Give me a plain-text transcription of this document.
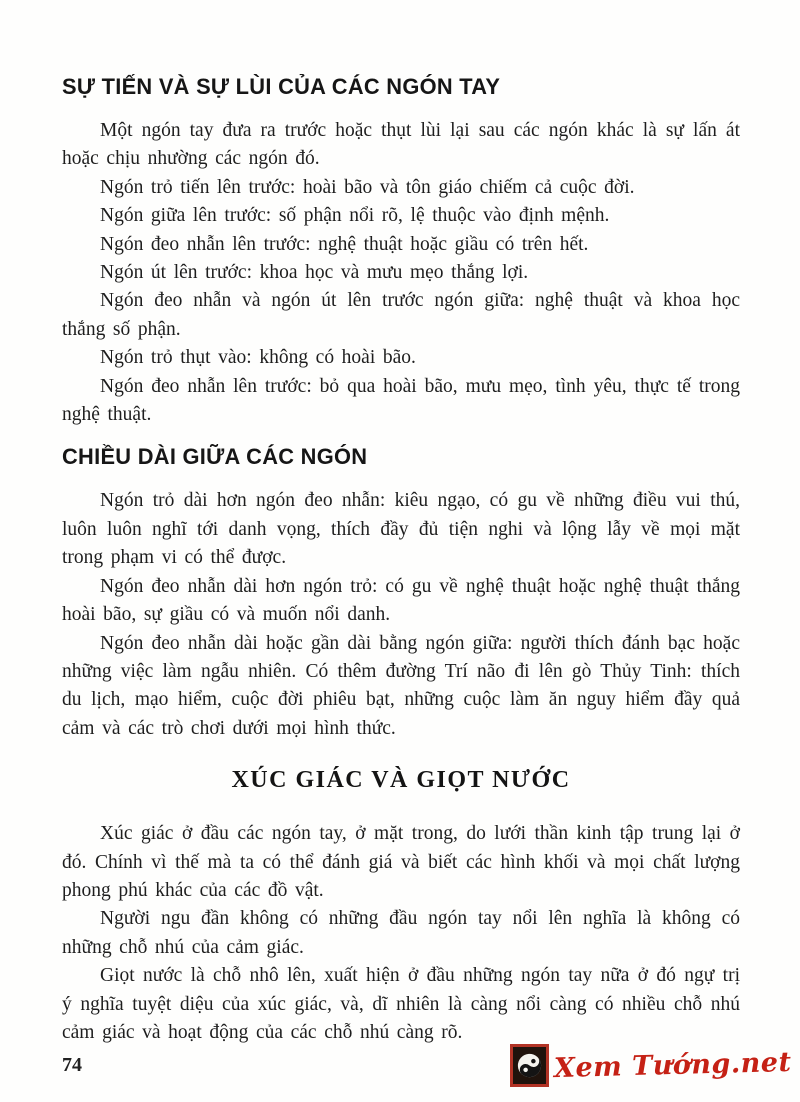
SỰ TIẾN VÀ SỰ LÙI CỦA CÁC NGÓN TAY

Một ngón tay đưa ra trước hoặc thụt lùi lại sau các ngón khác là sự lấn át hoặc chịu nhường các ngón đó.

Ngón trỏ tiến lên trước: hoài bão và tôn giáo chiếm cả cuộc đời.

Ngón giữa lên trước: số phận nổi rõ, lệ thuộc vào định mệnh.

Ngón đeo nhẫn lên trước: nghệ thuật hoặc giầu có trên hết.

Ngón út lên trước: khoa học và mưu mẹo thắng lợi.

Ngón đeo nhẫn và ngón út lên trước ngón giữa: nghệ thuật và khoa học thắng số phận.

Ngón trỏ thụt vào: không có hoài bão.

Ngón đeo nhẫn lên trước: bỏ qua hoài bão, mưu mẹo, tình yêu, thực tế trong nghệ thuật.

CHIỀU DÀI GIỮA CÁC NGÓN

Ngón trỏ dài hơn ngón đeo nhẫn: kiêu ngạo, có gu về những điều vui thú, luôn luôn nghĩ tới danh vọng, thích đầy đủ tiện nghi và lộng lẫy về mọi mặt trong phạm vi có thể được.

Ngón đeo nhẫn dài hơn ngón trỏ: có gu về nghệ thuật hoặc nghệ thuật thắng hoài bão, sự giầu có và muốn nổi danh.

Ngón đeo nhẫn dài hoặc gần dài bằng ngón giữa: người thích đánh bạc hoặc những việc làm ngẫu nhiên. Có thêm đường Trí não đi lên gò Thủy Tinh: thích du lịch, mạo hiểm, cuộc đời phiêu bạt, những cuộc làm ăn nguy hiểm đầy quả cảm và các trò chơi dưới mọi hình thức.

XÚC GIÁC VÀ GIỌT NƯỚC

Xúc giác ở đầu các ngón tay, ở mặt trong, do lưới thần kinh tập trung lại ở đó. Chính vì thế mà ta có thể đánh giá và biết các hình khối và mọi chất lượng phong phú khác của các đồ vật.

Người ngu đần không có những đầu ngón tay nổi lên nghĩa là không có những chỗ nhú của cảm giác.

Giọt nước là chỗ nhô lên, xuất hiện ở đầu những ngón tay nữa ở đó ngự trị ý nghĩa tuyệt diệu của xúc giác, và, dĩ nhiên là càng nổi càng có nhiều chỗ nhú cảm giác và hoạt động của các chỗ nhú càng rõ.

74	Xem Tướng.net
